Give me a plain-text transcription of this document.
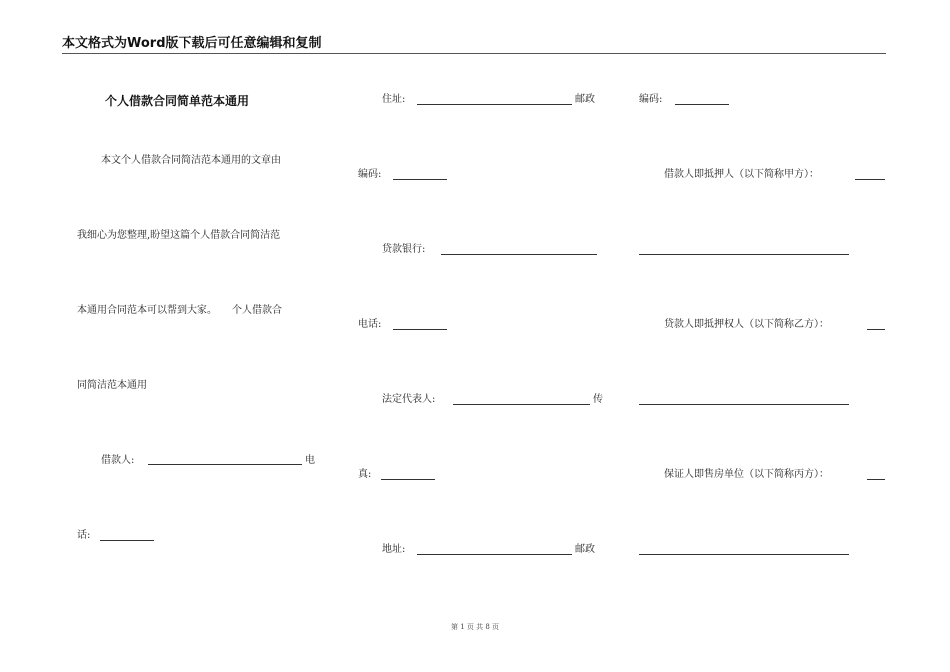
本文格式为Word版下载后可任意编辑和复制
个人借款合同简单范本通用
本文个人借款合同简洁范本通用的文章由
我细心为您整理,盼望这篇个人借款合同简洁范
本通用合同范本可以帮到大家。　　个人借款合
同简洁范本通用
借款人:	电
话:
住址:	邮政
编码:
贷款银行:
电话:
法定代表人:	传
真:
地址:	邮政
编码:
借款人即抵押人（以下简称甲方）：
贷款人即抵押权人（以下简称乙方）：
保证人即售房单位（以下简称丙方）：
第 1 页 共 8 页
